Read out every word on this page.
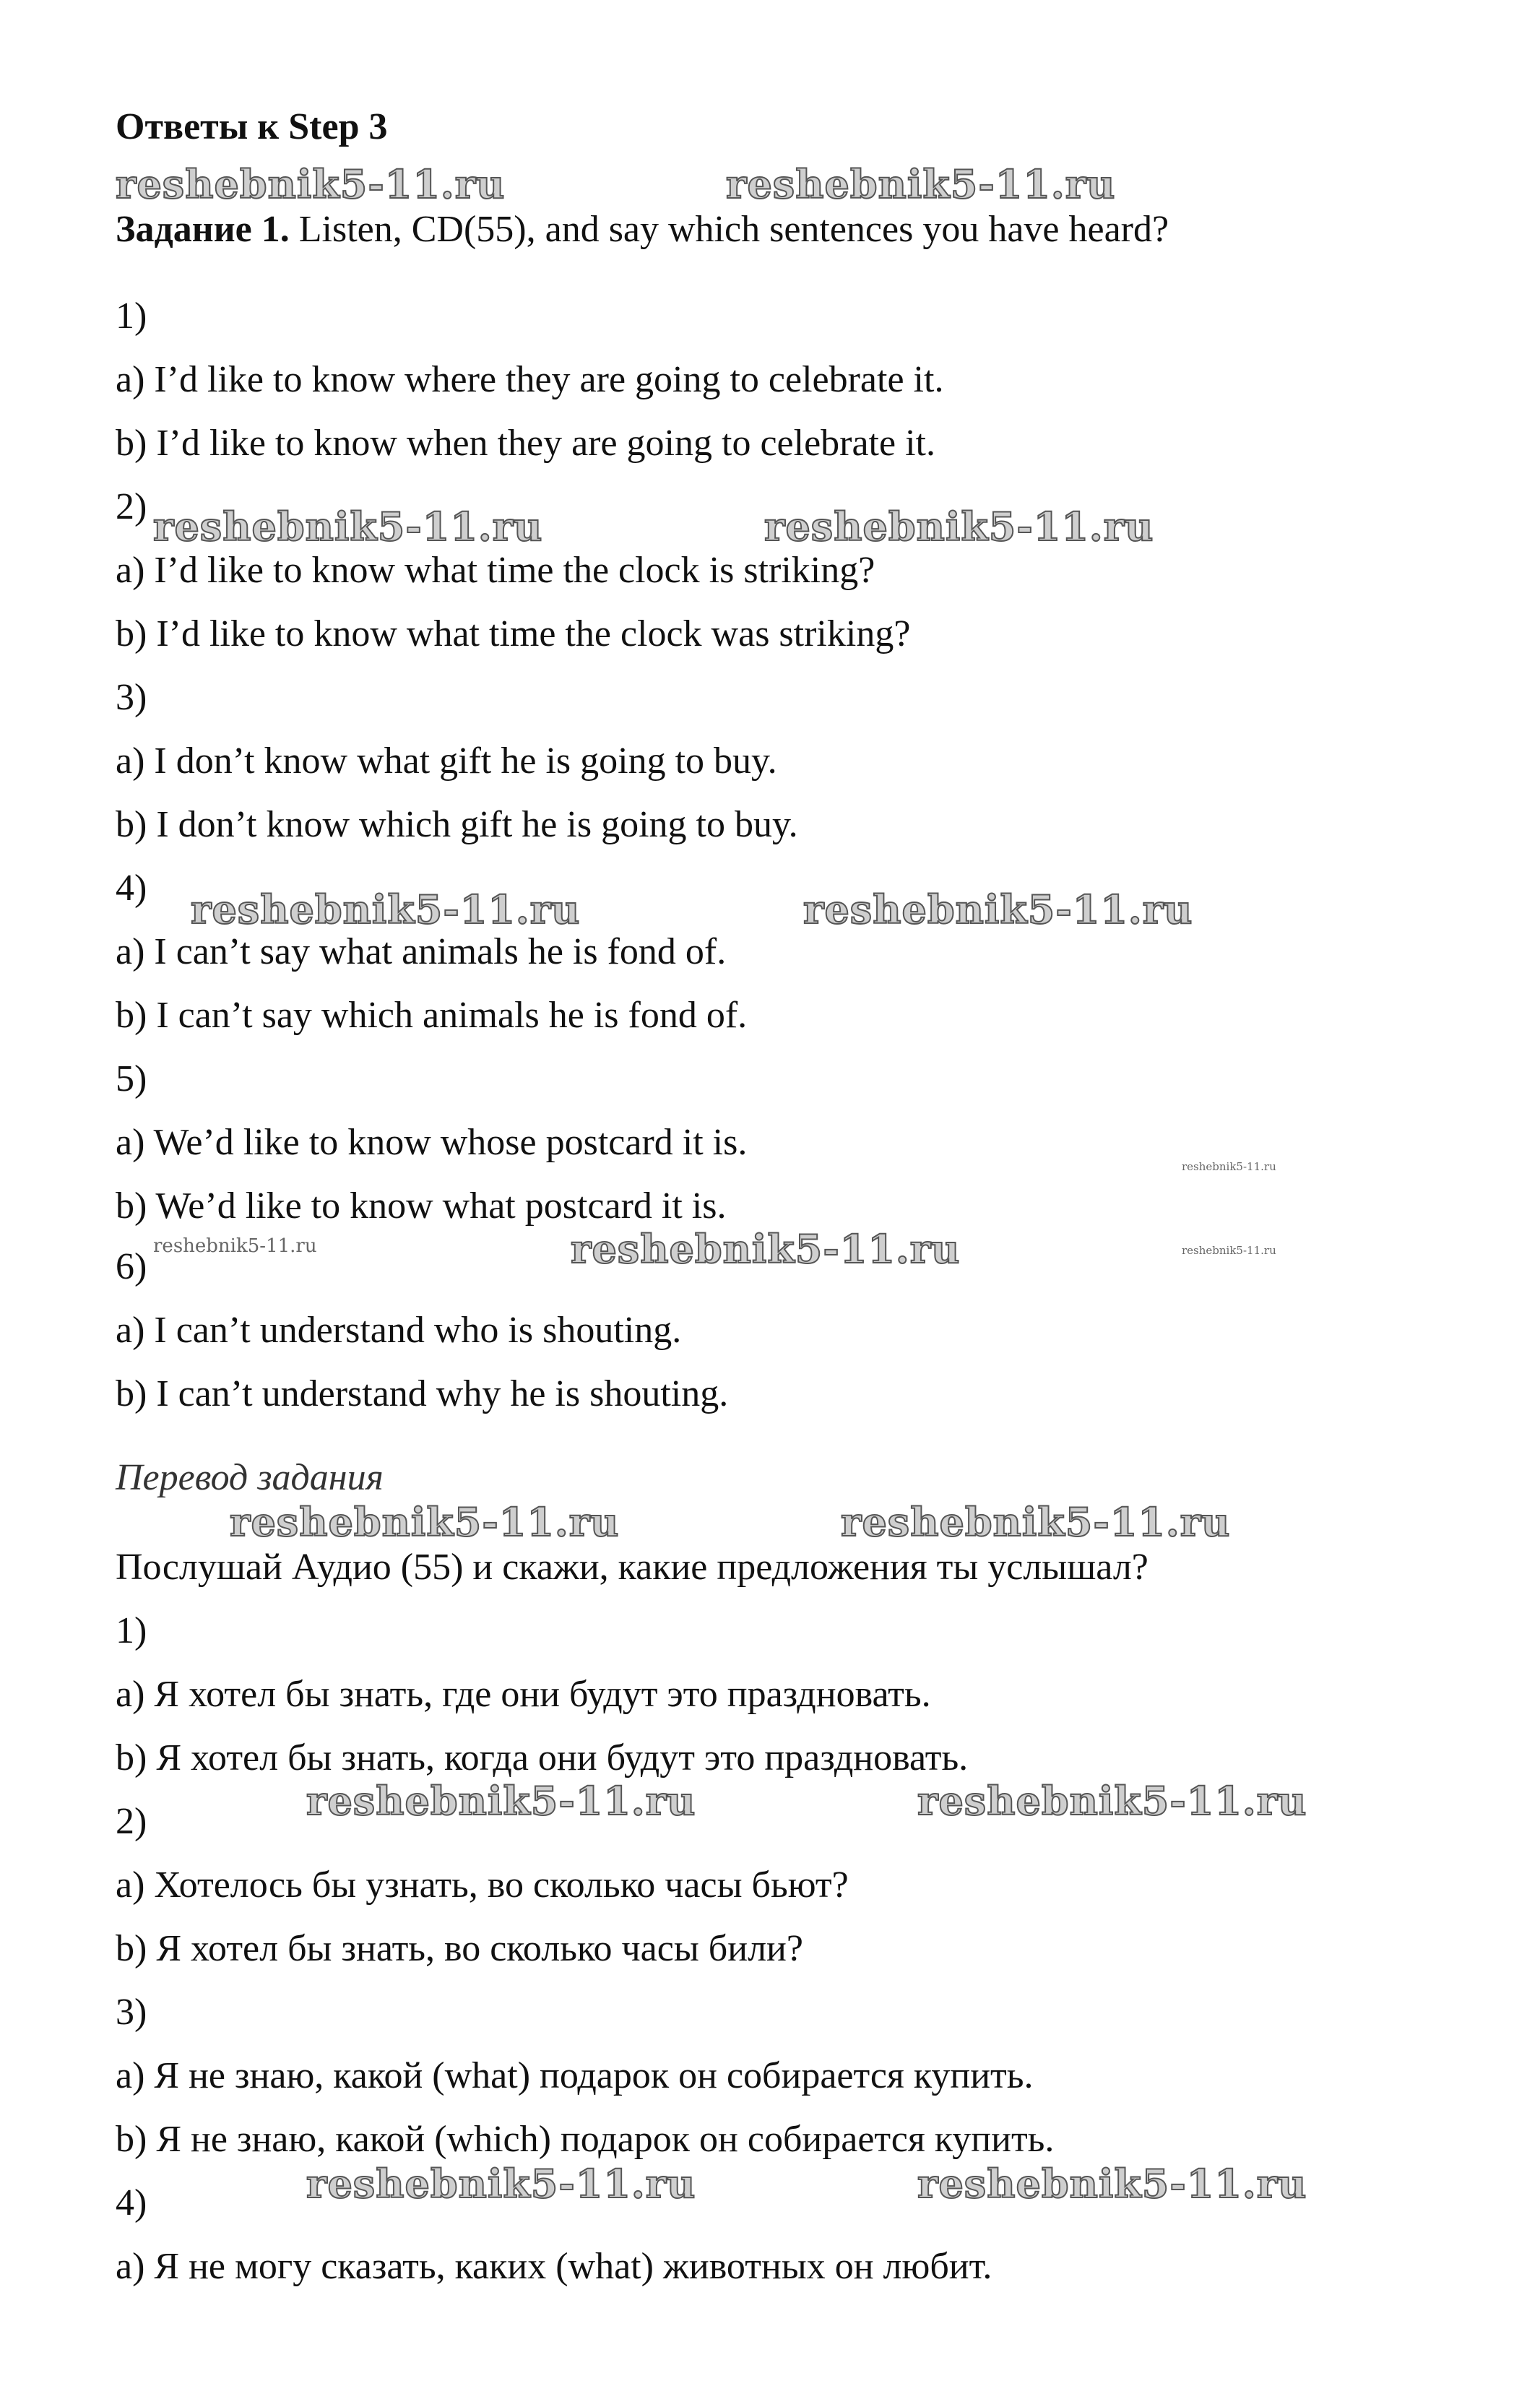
Ответы к Step 3
reshebnik5-11.ru	reshebnik5-11.ru
Задание 1. Listen, CD(55), and say which sentences you have heard?
1)
a) I’d like to know where they are going to celebrate it.
b) I’d like to know when they are going to celebrate it.
2) reshebnik5-11.ru	reshebnik5-11.ru
a) I’d like to know what time the clock is striking?
b) I’d like to know what time the clock was striking?
3)
a) I don’t know what gift he is going to buy.
b) I don’t know which gift he is going to buy.
4) reshebnik5-11.ru	reshebnik5-11.ru
a) I can’t say what animals he is fond of.
b) I can’t say which animals he is fond of.
5)
a) We’d like to know whose postcard it is.
reshebnik5-11.ru
b) We’d like to know what postcard it is.
reshebnik5-11.ru	reshebnik5-11.ru	reshebnik5-11.ru
6)
a) I can’t understand who is shouting.
b) I can’t understand why he is shouting.
Перевод задания
reshebnik5-11.ru	reshebnik5-11.ru
Послушай Аудио (55) и скажи, какие предложения ты услышал?
1)
a) Я хотел бы знать, где они будут это праздновать.
b) Я хотел бы знать, когда они будут это праздновать.
reshebnik5-11.ru	reshebnik5-11.ru
2)
a) Хотелось бы узнать, во сколько часы бьют?
b) Я хотел бы знать, во сколько часы били?
3)
a) Я не знаю, какой (what) подарок он собирается купить.
b) Я не знаю, какой (which) подарок он собирается купить.
reshebnik5-11.ru	reshebnik5-11.ru
4)
a) Я не могу сказать, каких (what) животных он любит.
